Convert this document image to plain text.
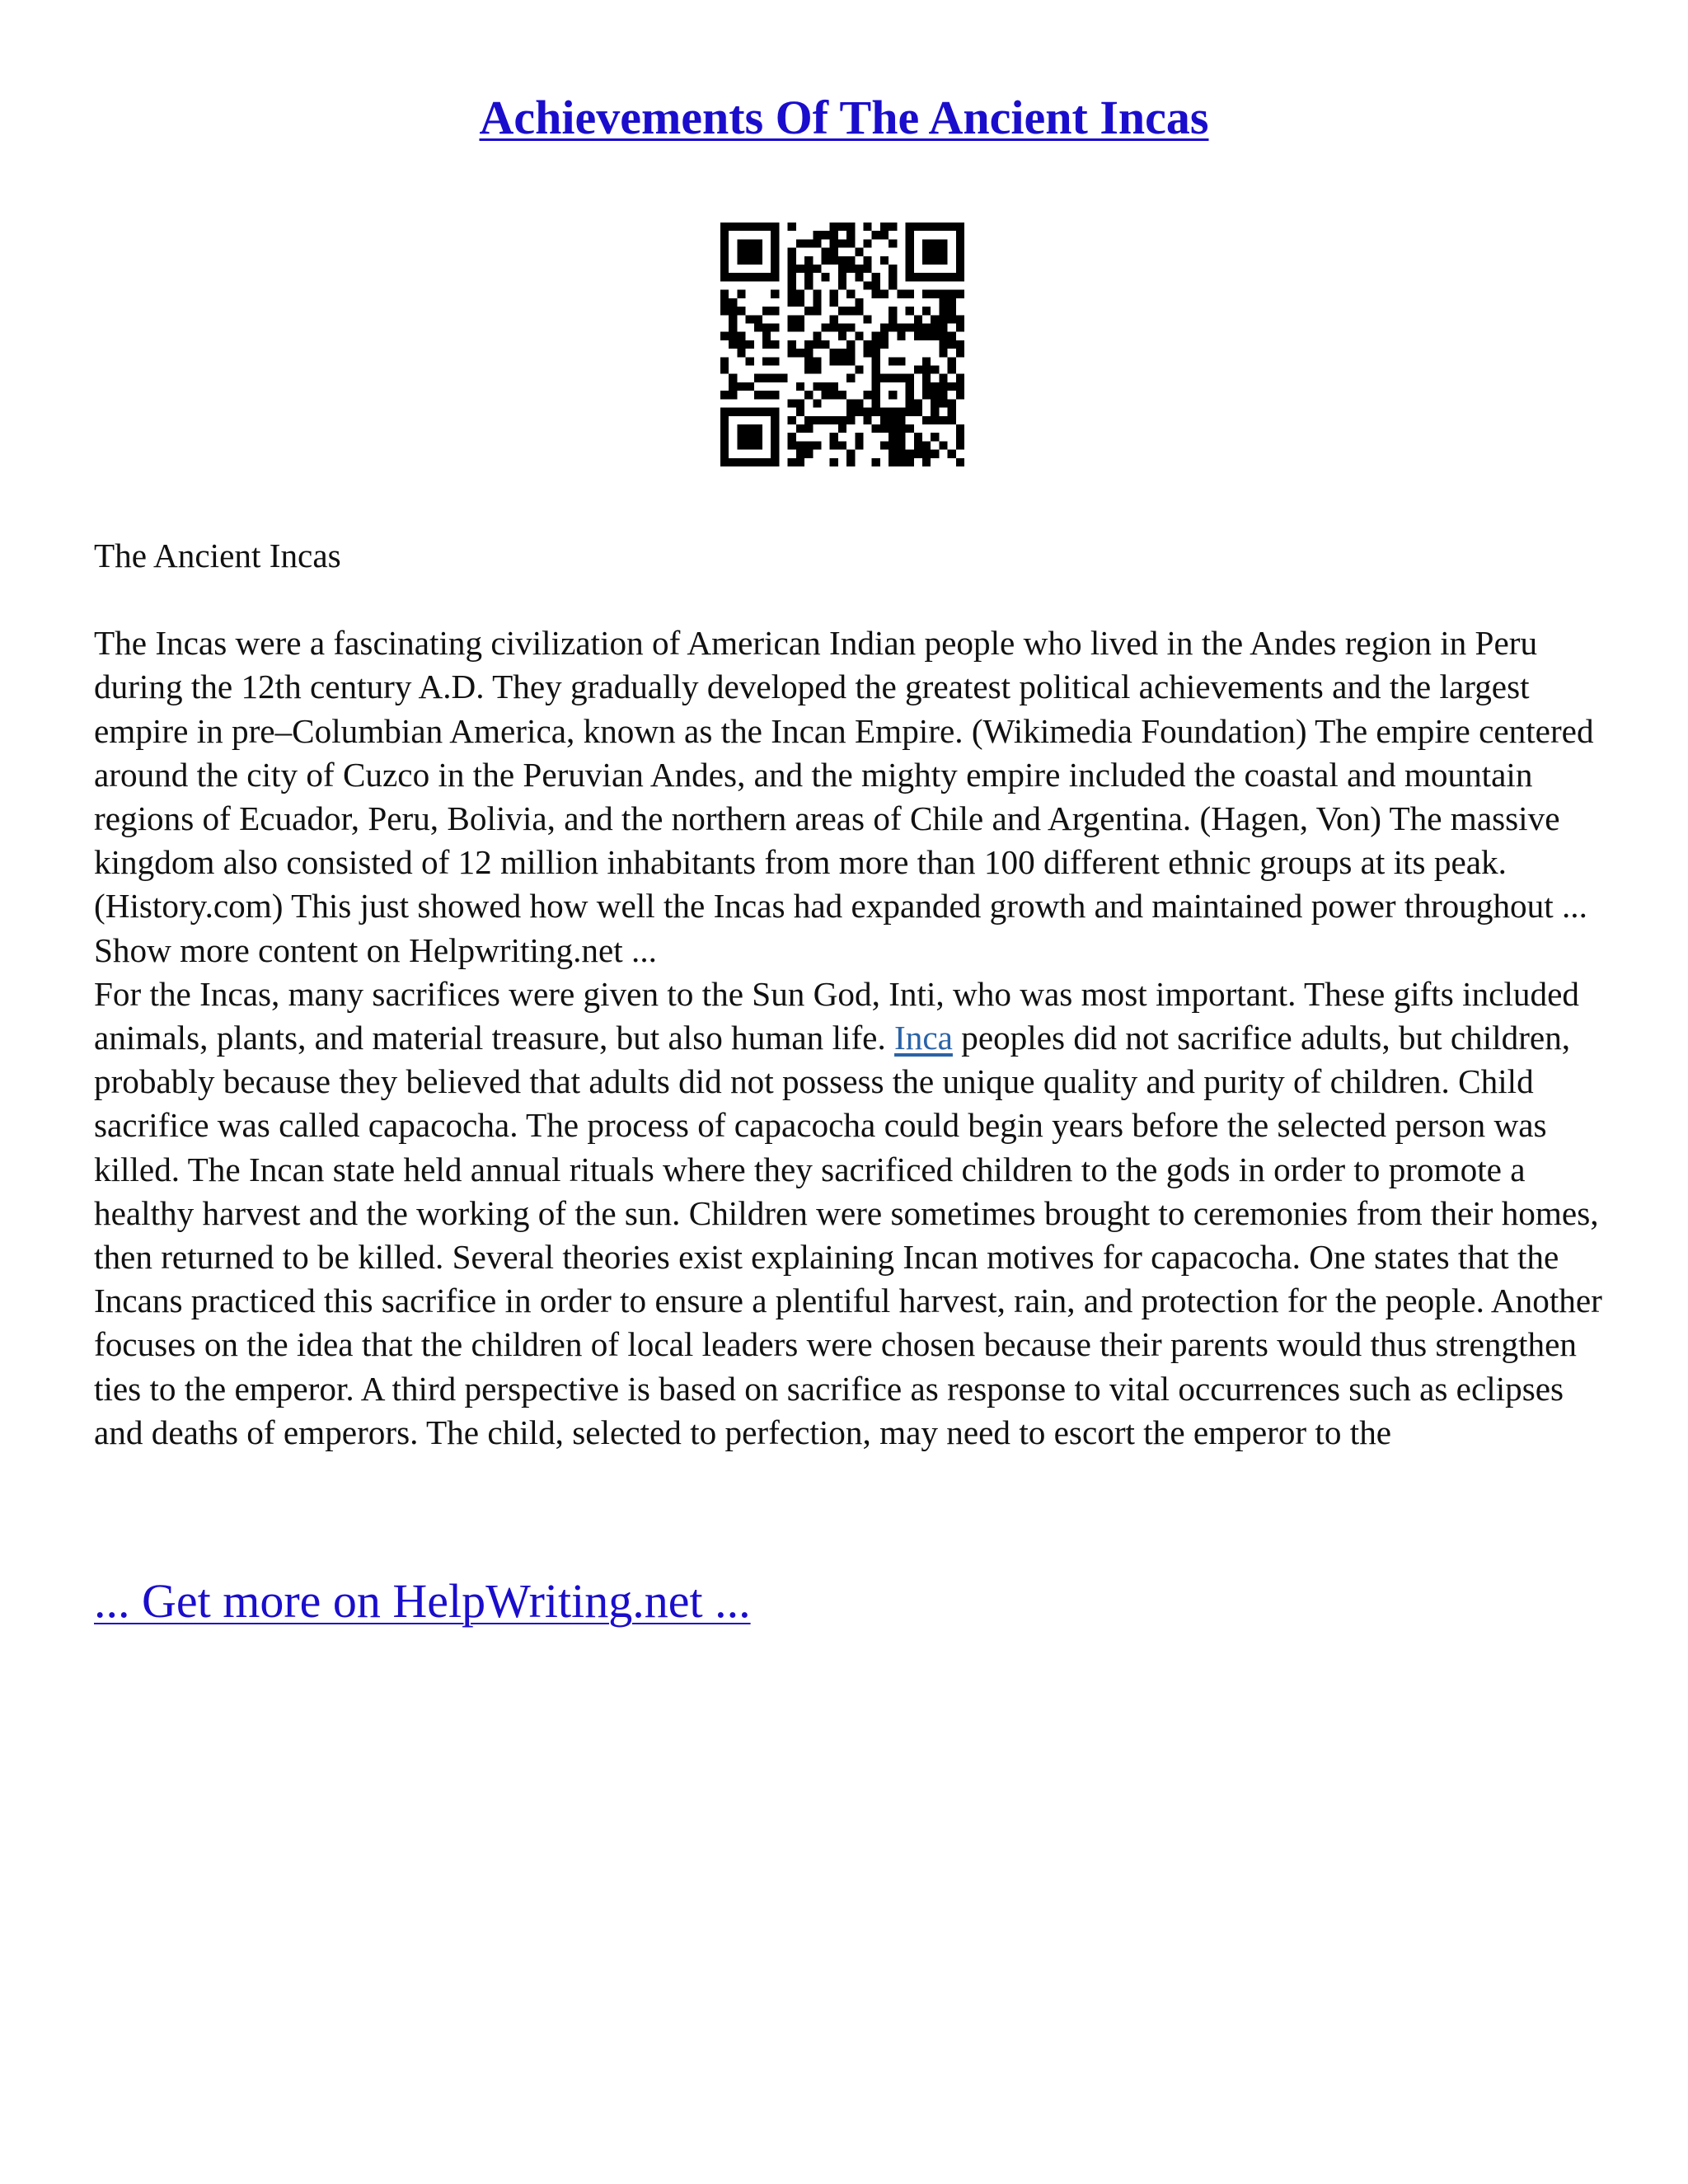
Achievements Of The Ancient Incas

The Ancient Incas

The Incas were a fascinating civilization of American Indian people who lived in the Andes region in Peru during the 12th century A.D. They gradually developed the greatest political achievements and the largest empire in pre–Columbian America, known as the Incan Empire. (Wikimedia Foundation) The empire centered around the city of Cuzco in the Peruvian Andes, and the mighty empire included the coastal and mountain regions of Ecuador, Peru, Bolivia, and the northern areas of Chile and Argentina. (Hagen, Von) The massive kingdom also consisted of 12 million inhabitants from more than 100 different ethnic groups at its peak. (History.com) This just showed how well the Incas had expanded growth and maintained power throughout ... Show more content on Helpwriting.net ...

For the Incas, many sacrifices were given to the Sun God, Inti, who was most important. These gifts included animals, plants, and material treasure, but also human life. Inca peoples did not sacrifice adults, but children, probably because they believed that adults did not possess the unique quality and purity of children. Child sacrifice was called capacocha. The process of capacocha could begin years before the selected person was killed. The Incan state held annual rituals where they sacrificed children to the gods in order to promote a healthy harvest and the working of the sun. Children were sometimes brought to ceremonies from their homes, then returned to be killed. Several theories exist explaining Incan motives for capacocha. One states that the Incans practiced this sacrifice in order to ensure a plentiful harvest, rain, and protection for the people. Another focuses on the idea that the children of local leaders were chosen because their parents would thus strengthen ties to the emperor. A third perspective is based on sacrifice as response to vital occurrences such as eclipses and deaths of emperors. The child, selected to perfection, may need to escort the emperor to the

... Get more on HelpWriting.net ...
